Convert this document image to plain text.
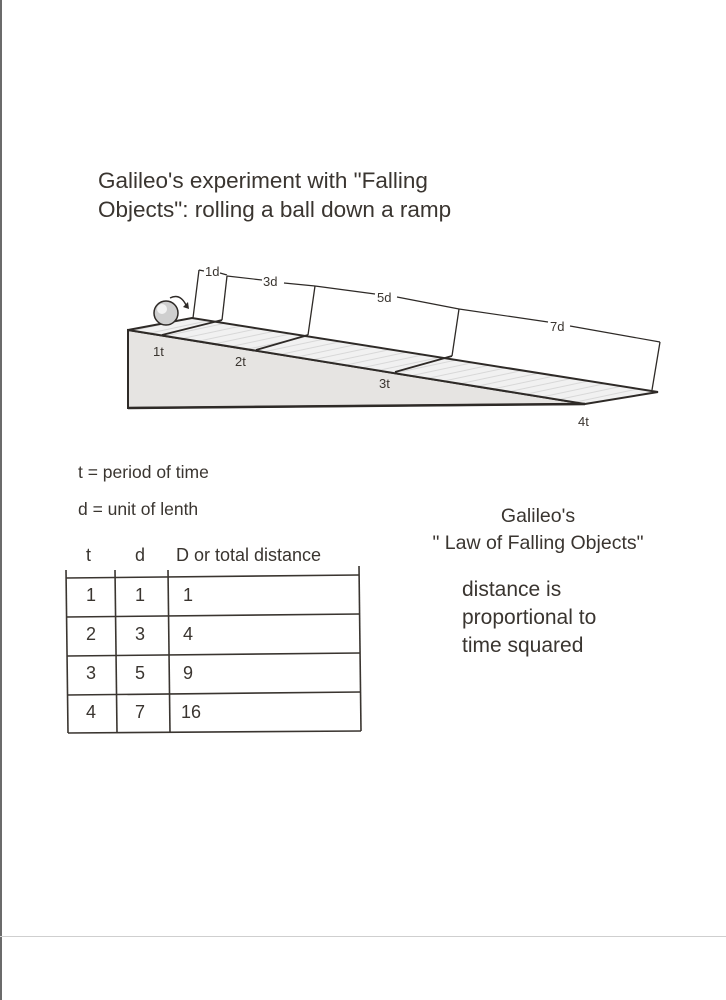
Galileo's experiment with "Falling
Objects": rolling a ball down a ramp
1d
3d
5d
7d
1t
2t
3t
4t
t = period of time
d = unit of lenth
t d D or total distance
1 1 1
2 3 4
3 5 9
4 7 16
Galileo's
" Law of Falling Objects"
distance is
proportional to
time squared
